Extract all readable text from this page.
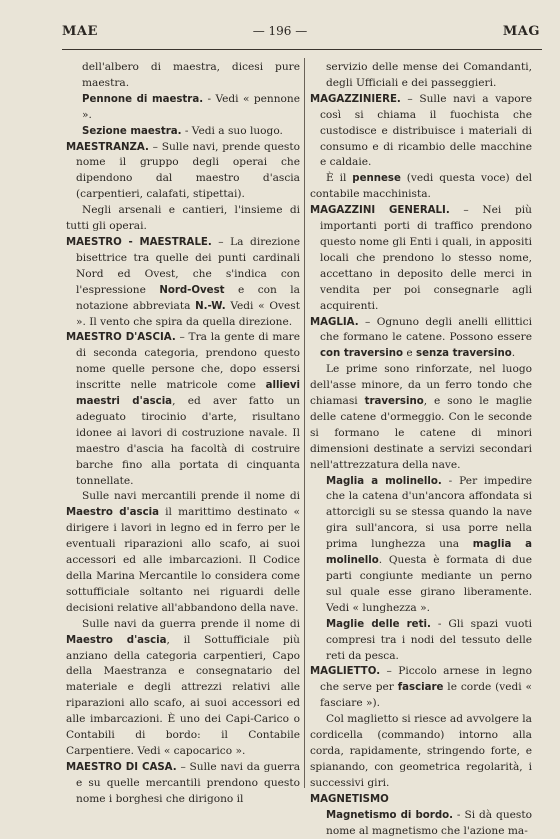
— 196 —
MAE	MAG

dell'albero di maestra, dicesi pure maestra.

Pennone di maestra. - Vedi « pennone ».

Sezione maestra. - Vedi a suo luogo.

MAESTRANZA. – Sulle navi, prende questo nome il gruppo degli operai che dipendono dal maestro d'ascia (carpentieri, calafati, stipettai).

Negli arsenali e cantieri, l'insieme di tutti gli operai.

MAESTRO - MAESTRALE. – La direzione bisettrice tra quelle dei punti cardinali Nord ed Ovest, che s'indica con l'espressione Nord-Ovest e con la notazione abbreviata N.-W. Vedi « Ovest ». Il vento che spira da quella direzione.

MAESTRO D'ASCIA. – Tra la gente di mare di seconda categoria, prendono questo nome quelle persone che, dopo essersi inscritte nelle matricole come allievi maestri d'ascia, ed aver fatto un adeguato tirocinio d'arte, risultano idonee ai lavori di costruzione navale. Il maestro d'ascia ha facoltà di costruire barche fino alla portata di cinquanta tonnellate.

Sulle navi mercantili prende il nome di Maestro d'ascia il marittimo destinato « dirigere i lavori in legno ed in ferro per le eventuali riparazioni allo scafo, ai suoi accessori ed alle imbarcazioni. Il Codice della Marina Mercantile lo considera come sottufficiale soltanto nei riguardi delle decisioni relative all'abbandono della nave.

Sulle navi da guerra prende il nome di Maestro d'ascia, il Sottufficiale più anziano della categoria carpentieri, Capo della Maestranza e consegnatario del materiale e degli attrezzi relativi alle riparazioni allo scafo, ai suoi accessori ed alle imbarcazioni. È uno dei Capi-Carico o Contabili di bordo: il Contabile Carpentiere. Vedi « capocarico ».

MAESTRO DI CASA. – Sulle navi da guerra e su quelle mercantili prendono questo nome i borghesi che dirigono il

servizio delle mense dei Comandanti, degli Ufficiali e dei passeggieri.

MAGAZZINIERE. – Sulle navi a vapore così si chiama il fuochista che custodisce e distribuisce i materiali di consumo e di ricambio delle macchine e caldaie.

È il pennese (vedi questa voce) del contabile macchinista.

MAGAZZINI GENERALI. – Nei più importanti porti di traffico prendono questo nome gli Enti i quali, in appositi locali che prendono lo stesso nome, accettano in deposito delle merci in vendita per poi consegnarle agli acquirenti.

MAGLIA. – Ognuno degli anelli ellittici che formano le catene. Possono essere con traversino e senza traversino.

Le prime sono rinforzate, nel luogo dell'asse minore, da un ferro tondo che chiamasi traversino, e sono le maglie delle catene d'ormeggio. Con le seconde si formano le catene di minori dimensioni destinate a servizi secondari nell'attrezzatura della nave.

Maglia a molinello. - Per impedire che la catena d'un'ancora affondata si attorcigli su se stessa quando la nave gira sull'ancora, si usa porre nella prima lunghezza una maglia a molinello. Questa è formata di due parti congiunte mediante un perno sul quale esse girano liberamente. Vedi « lunghezza ».

Maglie delle reti. - Gli spazi vuoti compresi tra i nodi del tessuto delle reti da pesca.

MAGLIETTO. – Piccolo arnese in legno che serve per fasciare le corde (vedi « fasciare »).

Col maglietto si riesce ad avvolgere la cordicella (commando) intorno alla corda, rapidamente, stringendo forte, e spianando, con geometrica regolarità, i successivi giri.

MAGNETISMO

Magnetismo di bordo. - Si dà questo nome al magnetismo che l'azione ma-
